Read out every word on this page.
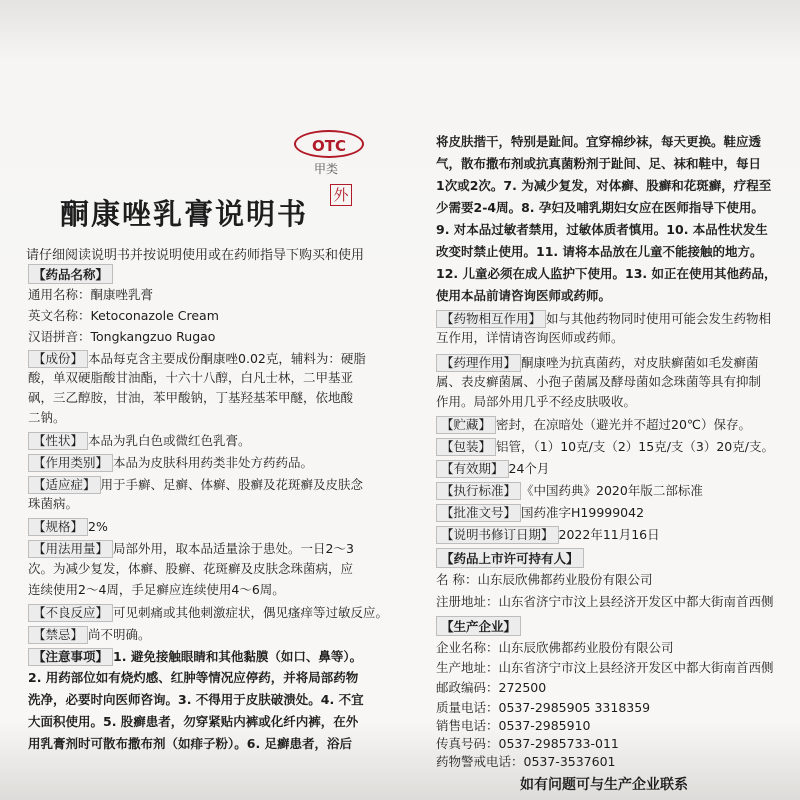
OTC
甲类
外
酮康唑乳膏说明书
请仔细阅读说明书并按说明使用或在药师指导下购买和使用
【药品名称】
通用名称：酮康唑乳膏
英文名称：Ketoconazole Cream
汉语拼音：Tongkangzuo Rugao
【成份】 本品每克含主要成份酮康唑0.02克，辅料为：硬脂
酸，单双硬脂酸甘油酯，十六十八醇，白凡士林，二甲基亚
砜，三乙醇胺，甘油，苯甲酸钠，丁基羟基苯甲醚，依地酸
二钠。
【性状】 本品为乳白色或微红色乳膏。
【作用类别】 本品为皮肤科用药类非处方药药品。
【适应症】 用于手癣、足癣、体癣、股癣及花斑癣及皮肤念
珠菌病。
【规格】 2%
【用法用量】 局部外用，取本品适量涂于患处。一日2～3
次。为减少复发，体癣、股癣、花斑癣及皮肤念珠菌病，应
连续使用2～4周，手足癣应连续使用4～6周。
【不良反应】 可见刺痛或其他刺激症状，偶见瘙痒等过敏反应。
【禁忌】 尚不明确。
【注意事项】 1. 避免接触眼睛和其他黏膜（如口、鼻等）。
2. 用药部位如有烧灼感、红肿等情况应停药，并将局部药物
洗净，必要时向医师咨询。3. 不得用于皮肤破溃处。4. 不宜
大面积使用。5. 股癣患者，勿穿紧贴内裤或化纤内裤，在外
用乳膏剂时可散布撒布剂（如痱子粉）。6. 足癣患者，浴后
将皮肤揩干，特别是趾间。宜穿棉纱袜，每天更换。鞋应透
气，散布撒布剂或抗真菌粉剂于趾间、足、袜和鞋中，每日
1次或2次。7. 为减少复发，对体癣、股癣和花斑癣，疗程至
少需要2-4周。8. 孕妇及哺乳期妇女应在医师指导下使用。
9. 对本品过敏者禁用，过敏体质者慎用。10. 本品性状发生
改变时禁止使用。11. 请将本品放在儿童不能接触的地方。
12. 儿童必须在成人监护下使用。13. 如正在使用其他药品，
使用本品前请咨询医师或药师。
【药物相互作用】 如与其他药物同时使用可能会发生药物相
互作用，详情请咨询医师或药师。
【药理作用】 酮康唑为抗真菌药，对皮肤癣菌如毛发癣菌
属、表皮癣菌属、小孢子菌属及酵母菌如念珠菌等具有抑制
作用。局部外用几乎不经皮肤吸收。
【贮藏】 密封，在凉暗处（避光并不超过20℃）保存。
【包装】 铝管，（1）10克/支（2）15克/支（3）20克/支。
【有效期】 24个月
【执行标准】 《中国药典》2020年版二部标准
【批准文号】 国药准字H19999042
【说明书修订日期】 2022年11月16日
【药品上市许可持有人】
名 称：山东辰欣佛都药业股份有限公司
注册地址：山东省济宁市汶上县经济开发区中都大街南首西侧
【生产企业】
企业名称：山东辰欣佛都药业股份有限公司
生产地址：山东省济宁市汶上县经济开发区中都大街南首西侧
邮政编码：272500
质量电话：0537-2985905 3318359
销售电话：0537-2985910
传真号码：0537-2985733-011
药物警戒电话：0537-3537601
如有问题可与生产企业联系
